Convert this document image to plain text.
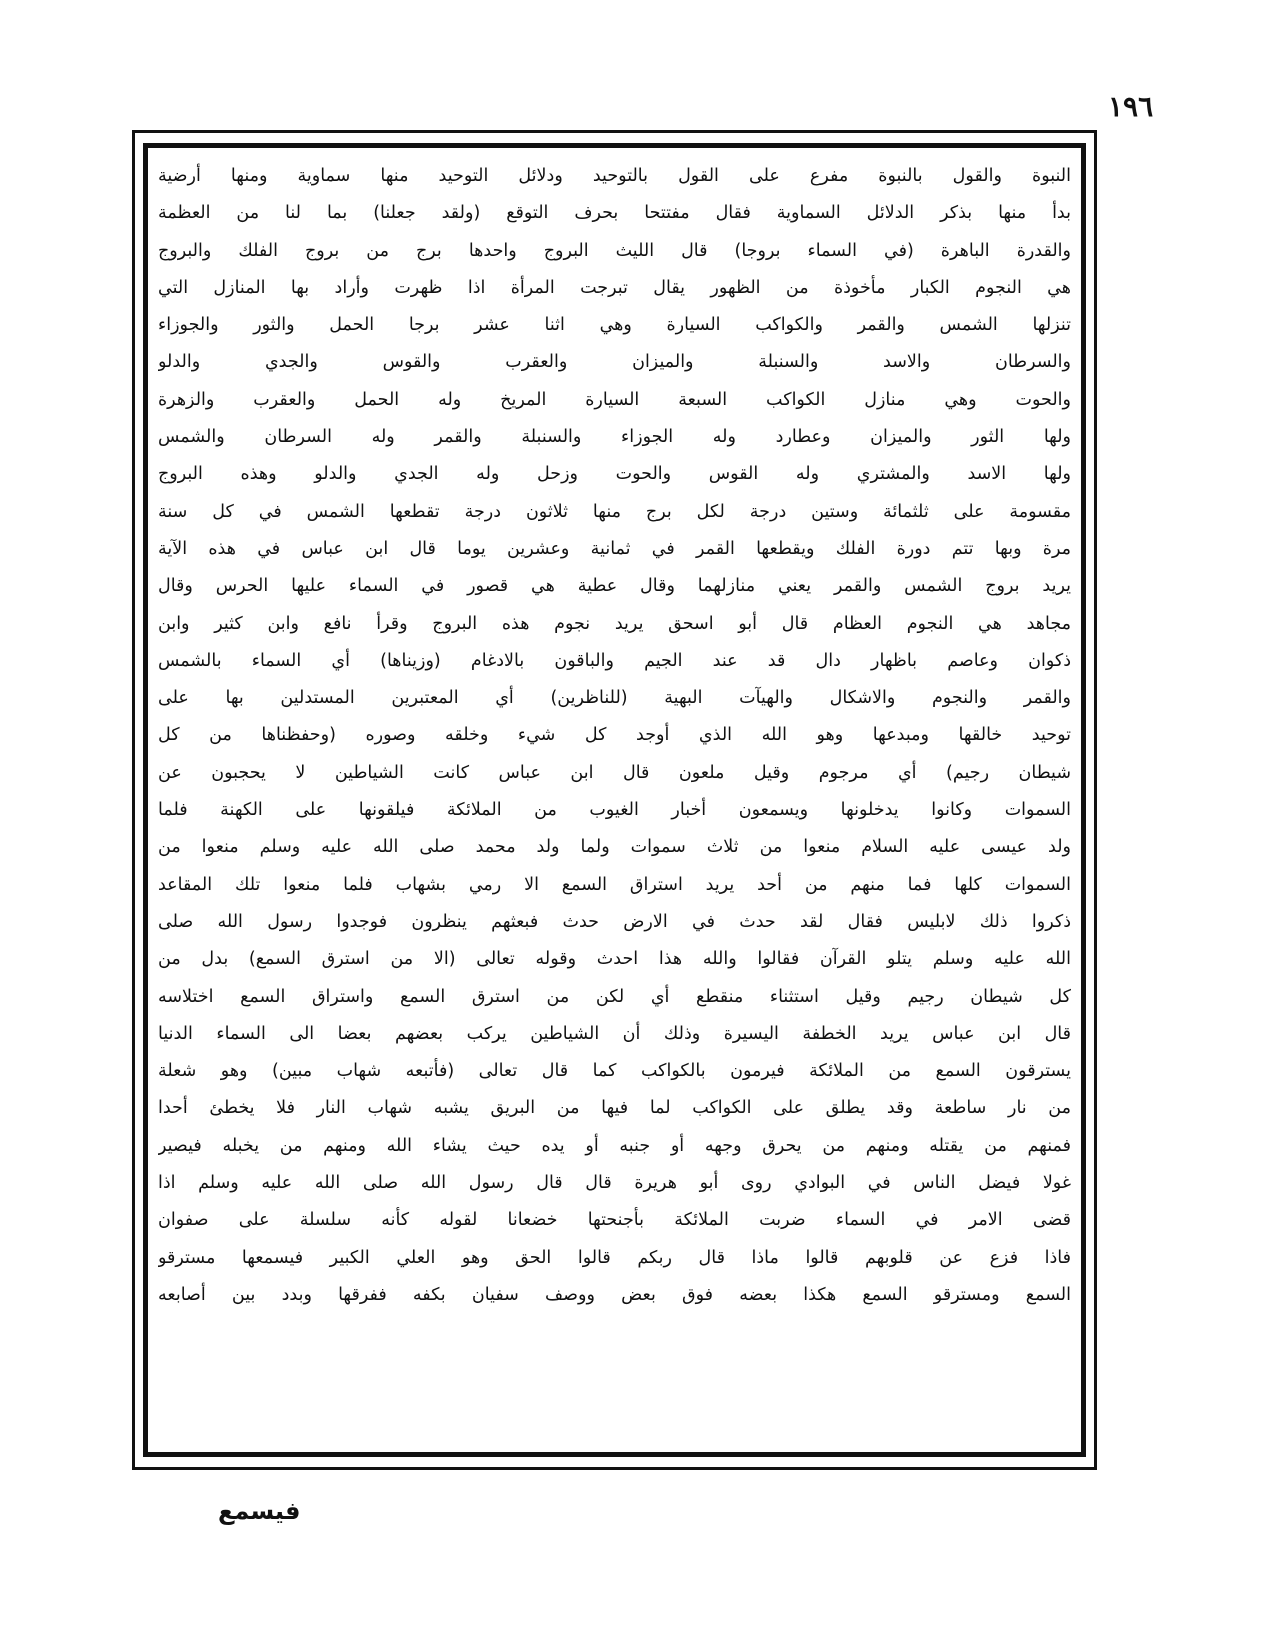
١٩٦
النبوة والقول بالنبوة مفرع على القول بالتوحيد ودلائل التوحيد منها سماوية ومنها أرضية
بدأ منها بذكر الدلائل السماوية فقال مفتتحا بحرف التوقع (ولقد جعلنا) بما لنا من العظمة
والقدرة الباهرة (في السماء بروجا) قال الليث البروج واحدها برج من بروج الفلك والبروج
هي النجوم الكبار مأخوذة من الظهور يقال تبرجت المرأة اذا ظهرت وأراد بها المنازل التي
تنزلها الشمس والقمر والكواكب السيارة وهي اثنا عشر برجا الحمل والثور والجوزاء
والسرطان والاسد والسنبلة والميزان والعقرب والقوس والجدي والدلو
والحوت وهي منازل الكواكب السبعة السيارة المريخ وله الحمل والعقرب والزهرة
ولها الثور والميزان وعطارد وله الجوزاء والسنبلة والقمر وله السرطان والشمس
ولها الاسد والمشتري وله القوس والحوت وزحل وله الجدي والدلو وهذه البروج
مقسومة على ثلثمائة وستين درجة لكل برج منها ثلاثون درجة تقطعها الشمس في كل سنة
مرة وبها تتم دورة الفلك ويقطعها القمر في ثمانية وعشرين يوما قال ابن عباس في هذه الآية
يريد بروج الشمس والقمر يعني منازلهما وقال عطية هي قصور في السماء عليها الحرس وقال
مجاهد هي النجوم العظام قال أبو اسحق يريد نجوم هذه البروج وقرأ نافع وابن كثير وابن
ذكوان وعاصم باظهار دال قد عند الجيم والباقون بالادغام (وزيناها) أي السماء بالشمس
والقمر والنجوم والاشكال والهيآت البهية (للناظرين) أي المعتبرين المستدلين بها على
توحيد خالقها ومبدعها وهو الله الذي أوجد كل شيء وخلقه وصوره (وحفظناها من كل
شيطان رجيم) أي مرجوم وقيل ملعون قال ابن عباس كانت الشياطين لا يحجبون عن
السموات وكانوا يدخلونها ويسمعون أخبار الغيوب من الملائكة فيلقونها على الكهنة فلما
ولد عيسى عليه السلام منعوا من ثلاث سموات ولما ولد محمد صلى الله عليه وسلم منعوا من
السموات كلها فما منهم من أحد يريد استراق السمع الا رمي بشهاب فلما منعوا تلك المقاعد
ذكروا ذلك لابليس فقال لقد حدث في الارض حدث فبعثهم ينظرون فوجدوا رسول الله صلى
الله عليه وسلم يتلو القرآن فقالوا والله هذا احدث وقوله تعالى (الا من استرق السمع) بدل من
كل شيطان رجيم وقيل استثناء منقطع أي لكن من استرق السمع واستراق السمع اختلاسه
قال ابن عباس يريد الخطفة اليسيرة وذلك أن الشياطين يركب بعضهم بعضا الى السماء الدنيا
يسترقون السمع من الملائكة فيرمون بالكواكب كما قال تعالى (فأتبعه شهاب مبين) وهو شعلة
من نار ساطعة وقد يطلق على الكواكب لما فيها من البريق يشبه شهاب النار فلا يخطئ أحدا
فمنهم من يقتله ومنهم من يحرق وجهه أو جنبه أو يده حيث يشاء الله ومنهم من يخبله فيصير
غولا فيضل الناس في البوادي روى أبو هريرة قال قال رسول الله صلى الله عليه وسلم اذا
قضى الامر في السماء ضربت الملائكة بأجنحتها خضعانا لقوله كأنه سلسلة على صفوان
فاذا فزع عن قلوبهم قالوا ماذا قال ربكم قالوا الحق وهو العلي الكبير فيسمعها مسترقو
السمع ومسترقو السمع هكذا بعضه فوق بعض ووصف سفيان بكفه ففرقها وبدد بين أصابعه
فيسمع
